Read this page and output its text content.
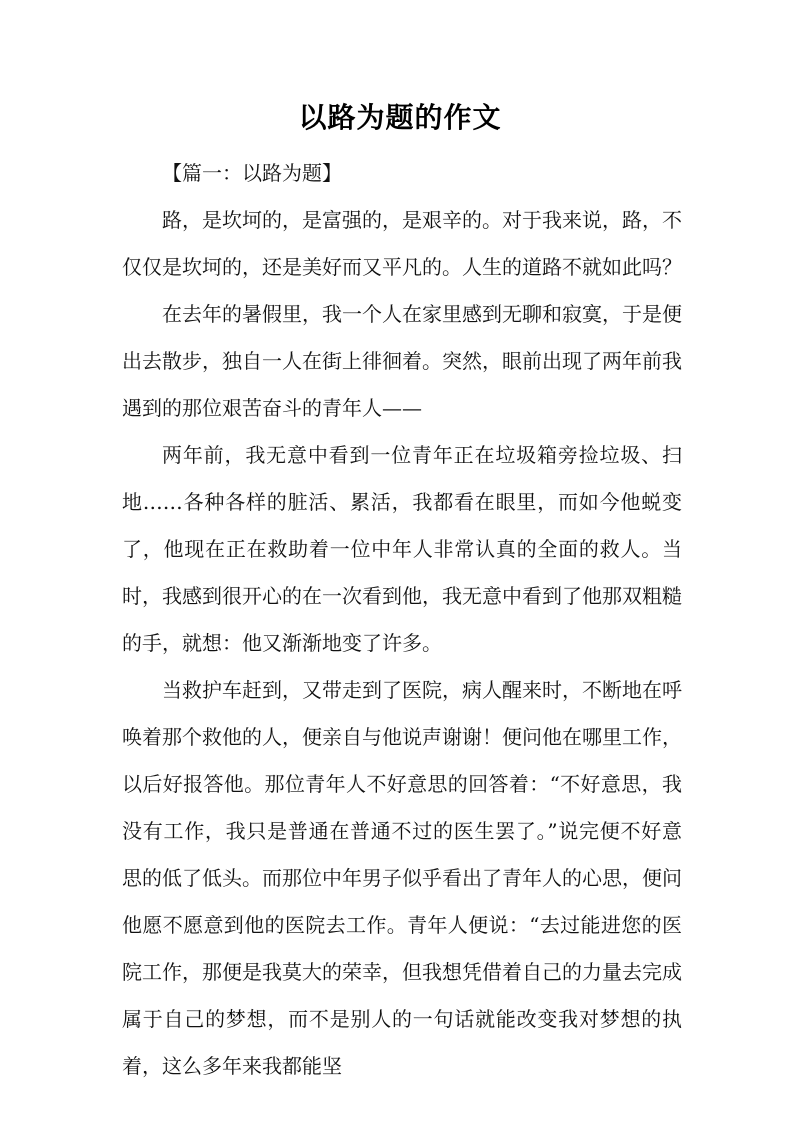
以路为题的作文

【篇一：以路为题】

路，是坎坷的，是富强的，是艰辛的。对于我来说，路，不仅仅是坎坷的，还是美好而又平凡的。人生的道路不就如此吗？

在去年的暑假里，我一个人在家里感到无聊和寂寞，于是便出去散步，独自一人在街上徘徊着。突然，眼前出现了两年前我遇到的那位艰苦奋斗的青年人——

两年前，我无意中看到一位青年正在垃圾箱旁捡垃圾、扫地……各种各样的脏活、累活，我都看在眼里，而如今他蜕变了，他现在正在救助着一位中年人非常认真的全面的救人。当时，我感到很开心的在一次看到他，我无意中看到了他那双粗糙的手，就想：他又渐渐地变了许多。

当救护车赶到，又带走到了医院，病人醒来时，不断地在呼唤着那个救他的人，便亲自与他说声谢谢！便问他在哪里工作，以后好报答他。那位青年人不好意思的回答着：“不好意思，我没有工作，我只是普通在普通不过的医生罢了。”说完便不好意思的低了低头。而那位中年男子似乎看出了青年人的心思，便问他愿不愿意到他的医院去工作。青年人便说：“去过能进您的医院工作，那便是我莫大的荣幸，但我想凭借着自己的力量去完成属于自己的梦想，而不是别人的一句话就能改变我对梦想的执着，这么多年来我都能坚
